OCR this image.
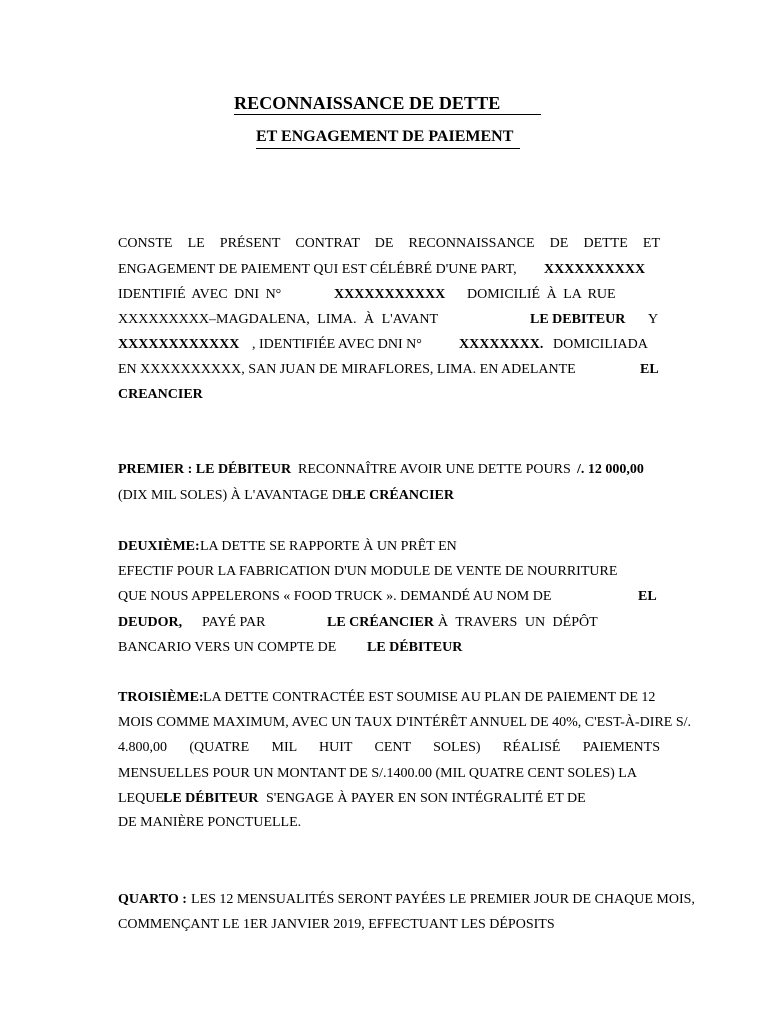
RECONNAISSANCE DE DETTE
ET ENGAGEMENT DE PAIEMENT
CONSTE LE PRÉSENT CONTRAT DE RECONNAISSANCE DE DETTE ET
ENGAGEMENT DE PAIEMENT QUI EST CÉLÉBRÉ D'UNE PART, XXXXXXXXXX
IDENTIFIÉ AVEC DNI N°	XXXXXXXXXXX DOMICILIÉ À LA RUE
XXXXXXXXX–MAGDALENA, LIMA. À L'AVANT	LE DEBITEUR Y
XXXXXXXXXXXX , IDENTIFIÉE AVEC DNI N°	XXXXXXXX. DOMICILIADA
EN XXXXXXXXXX, SAN JUAN DE MIRAFLORES, LIMA. EN ADELANTE	EL
CREANCIER
PREMIER : LE DÉBITEUR RECONNAÎTRE AVOIR UNE DETTE POURS /. 12 000,00
(DIX MIL SOLES) À L'AVANTAGE DE
LE CRÉANCIER
DEUXIÈME: LA DETTE SE RAPPORTE À UN PRÊT EN
EFECTIF POUR LA FABRICATION D'UN MODULE DE VENTE DE NOURRITURE
QUE NOUS APPELERONS « FOOD TRUCK ». DEMANDÉ AU NOM DE	EL
DEUDOR, PAYÉ PAR	LE CRÉANCIER À TRAVERS UN DÉPÔT
BANCARIO VERS UN COMPTE DE LE DÉBITEUR
TROISIÈME: LA DETTE CONTRACTÉE EST SOUMISE AU PLAN DE PAIEMENT DE 12
MOIS COMME MAXIMUM, AVEC UN TAUX D'INTÉRÊT ANNUEL DE 40%, C'EST-À-DIRE S/.
4.800,00 (QUATRE MIL HUIT CENT SOLES) RÉALISÉ PAIEMENTS
MENSUELLES POUR UN MONTANT DE S/.1400.00 (MIL QUATRE CENT SOLES) LA
LEQUEL
LE DÉBITEUR S'ENGAGE À PAYER EN SON INTÉGRALITÉ ET DE
DE MANIÈRE PONCTUELLE.
QUARTO : LES 12 MENSUALITÉS SERONT PAYÉES LE PREMIER JOUR DE CHAQUE MOIS,
COMMENÇANT LE 1ER JANVIER 2019, EFFECTUANT LES DÉPOSITS
